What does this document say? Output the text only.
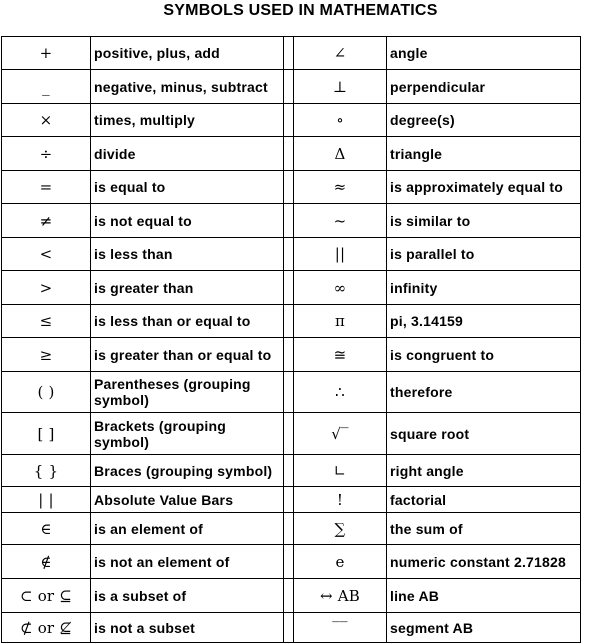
SYMBOLS USED IN MATHEMATICS
+	positive, plus, add		∠	angle
_	negative, minus, subtract		⊥	perpendicular
×	times, multiply		∘	degree(s)
÷	divide		Δ	triangle
=	is equal to		≈	is approximately equal to
≠	is not equal to		~	is similar to
<	is less than		||	is parallel to
>	is greater than		∞	infinity
≤	is less than or equal to		π	pi, 3.14159
≥	is greater than or equal to		≅	is congruent to
( )	Parentheses (grouping symbol)		∴	therefore
[ ]	Brackets (grouping symbol)		√‾	square root
{ }	Braces (grouping symbol)		∟	right angle
| |	Absolute Value Bars		!	factorial
∈	is an element of		∑	the sum of
∉	is not an element of		e	numeric constant 2.71828
⊂ or ⊆	is a subset of		↔ AB	line AB
⊄ or ⊈	is not a subset		‾‾	segment AB
